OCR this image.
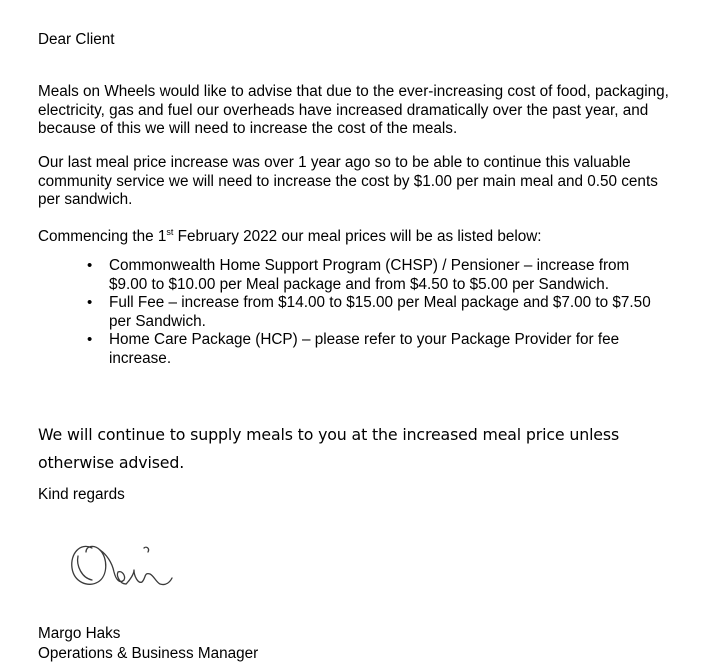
Dear Client

Meals on Wheels would like to advise that due to the ever-increasing cost of food, packaging, electricity, gas and fuel our overheads have increased dramatically over the past year, and because of this we will need to increase the cost of the meals.

Our last meal price increase was over 1 year ago so to be able to continue this valuable community service we will need to increase the cost by $1.00 per main meal and 0.50 cents per sandwich.

Commencing the 1st February 2022 our meal prices will be as listed below:

• Commonwealth Home Support Program (CHSP) / Pensioner – increase from $9.00 to $10.00 per Meal package and from $4.50 to $5.00 per Sandwich.
• Full Fee – increase from $14.00 to $15.00 per Meal package and $7.00 to $7.50 per Sandwich.
• Home Care Package (HCP) – please refer to your Package Provider for fee increase.

We will continue to supply meals to you at the increased meal price unless otherwise advised.

Kind regards

Margo Haks

Operations & Business Manager
